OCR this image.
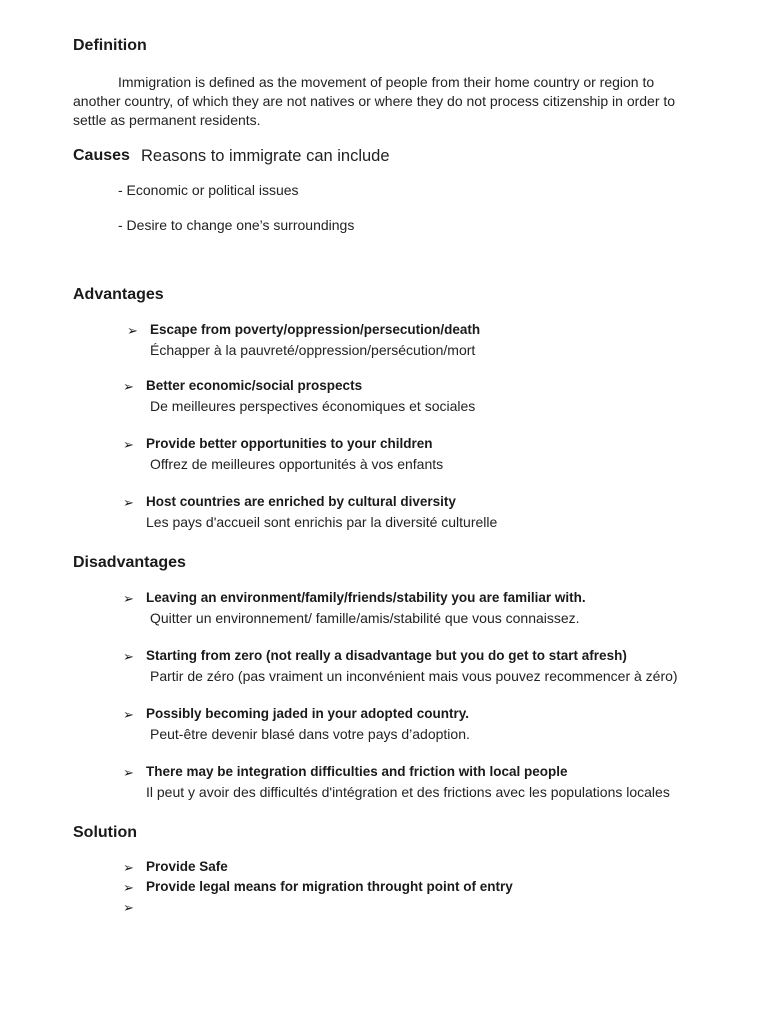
Definition
Immigration is defined as the movement of people from their home country or region to
another country, of which they are not natives or where they do not process citizenship in order to
settle as permanent residents.
Causes Reasons to immigrate can include
- Economic or political issues
- Desire to change one’s surroundings
Advantages
➢ Escape from poverty/oppression/persecution/death
Échapper à la pauvreté/oppression/persécution/mort
➢ Better economic/social prospects
De meilleures perspectives économiques et sociales
➢ Provide better opportunities to your children
Offrez de meilleures opportunités à vos enfants
➢ Host countries are enriched by cultural diversity
Les pays d'accueil sont enrichis par la diversité culturelle
Disadvantages
➢ Leaving an environment/family/friends/stability you are familiar with.
Quitter un environnement/ famille/amis/stabilité que vous connaissez.
➢ Starting from zero (not really a disadvantage but you do get to start afresh)
Partir de zéro (pas vraiment un inconvénient mais vous pouvez recommencer à zéro)
➢ Possibly becoming jaded in your adopted country.
Peut-être devenir blasé dans votre pays d’adoption.
➢ There may be integration difficulties and friction with local people
Il peut y avoir des difficultés d'intégration et des frictions avec les populations locales
Solution
➢ Provide Safe
➢ Provide legal means for migration throught point of entry
➢
